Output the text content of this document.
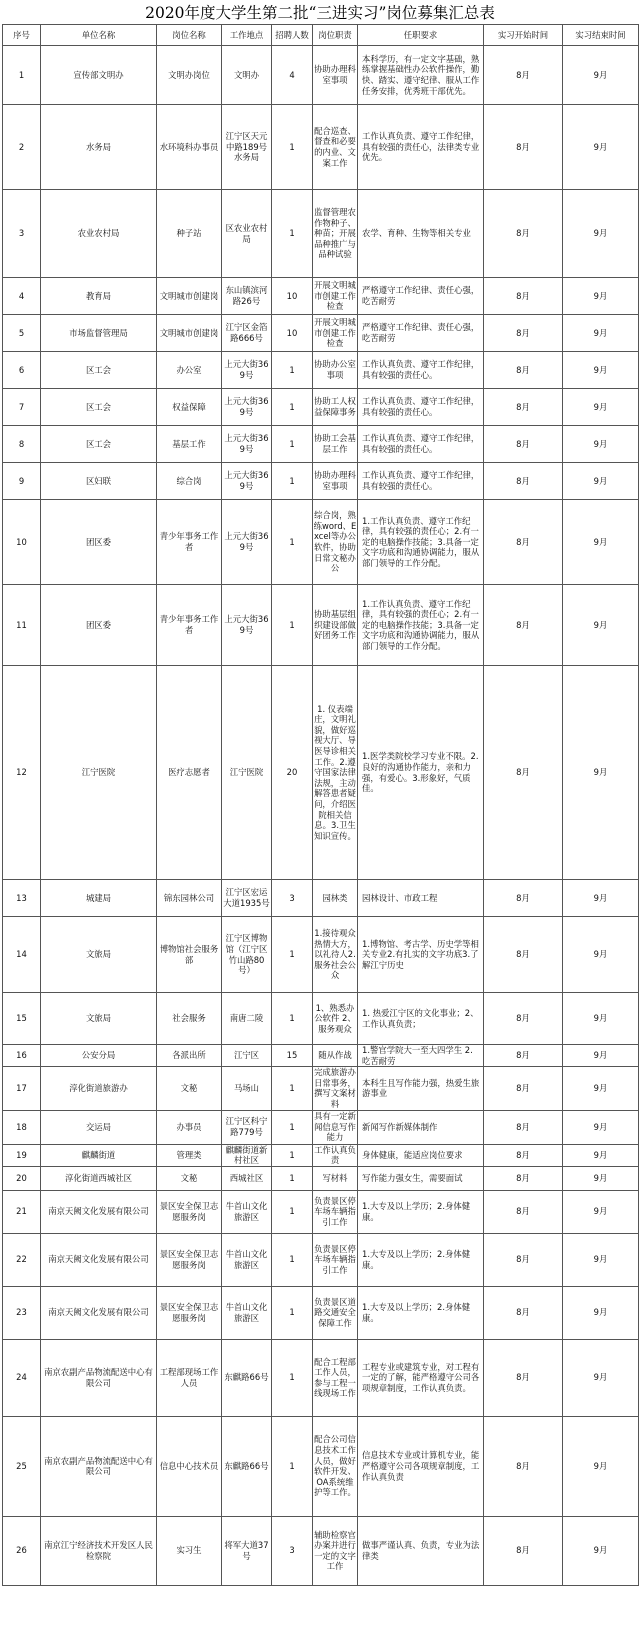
2020年度大学生第二批“三进实习”岗位募集汇总表
序号	单位名称	岗位名称	工作地点	招聘人数	岗位职责	任职要求	实习开始时间	实习结束时间
1	宣传部文明办	文明办岗位	文明办	4	协助办理科室事项	本科学历，有一定文字基础，熟练掌握基础性办公软件操作，勤快、踏实、遵守纪律、服从工作任务安排，优秀班干部优先。	8月	9月
2	水务局	水环境科办事员	江宁区天元中路189号水务局	1	配合巡查、督查和必要的内业、文案工作	工作认真负责、遵守工作纪律，具有较强的责任心，法律类专业优先。	8月	9月
3	农业农村局	种子站	区农业农村局	1	监督管理农作物种子、种苗；开展品种推广与品种试验	农学、育种、生物等相关专业	8月	9月
4	教育局	文明城市创建岗	东山镇滨河路26号	10	开展文明城市创建工作检查	严格遵守工作纪律、责任心强，吃苦耐劳	8月	9月
5	市场监督管理局	文明城市创建岗	江宁区金箔路666号	10	开展文明城市创建工作检查	严格遵守工作纪律、责任心强，吃苦耐劳	8月	9月
6	区工会	办公室	上元大街369号	1	协助办公室事项	工作认真负责、遵守工作纪律，具有较强的责任心。	8月	9月
7	区工会	权益保障	上元大街369号	1	协助工人权益保障事务	工作认真负责、遵守工作纪律，具有较强的责任心。	8月	9月
8	区工会	基层工作	上元大街369号	1	协助工会基层工作	工作认真负责、遵守工作纪律，具有较强的责任心。	8月	9月
9	区妇联	综合岗	上元大街369号	1	协助办理科室事项	工作认真负责、遵守工作纪律，具有较强的责任心。	8月	9月
10	团区委	青少年事务工作者	上元大街369号	1	综合岗，熟练word、Excel等办公软件，协助日常文秘办公	1.工作认真负责、遵守工作纪律，具有较强的责任心；2.有一定的电脑操作技能；3.具备一定文字功底和沟通协调能力，服从部门领导的工作分配。	8月	9月
11	团区委	青少年事务工作者	上元大街369号	1	协助基层组织建设部做好团务工作	1.工作认真负责、遵守工作纪律，具有较强的责任心；2.有一定的电脑操作技能；3.具备一定文字功底和沟通协调能力，服从部门领导的工作分配。	8月	9月
12	江宁医院	医疗志愿者	江宁医院	20	1. 仪表端庄，文明礼貌，做好巡视大厅、导医导诊相关工作。2.遵守国家法律法规，主动解答患者疑问，介绍医院相关信息。3.卫生知识宣传。	1.医学类院校学习专业不限。2.良好的沟通协作能力，亲和力强，有爱心。3.形象好，气质佳。	8月	9月
13	城建局	锦东园林公司	江宁区宏运大道1935号	3	园林类	园林设计、市政工程	8月	9月
14	文旅局	博物馆社会服务部	江宁区博物馆（江宁区竹山路80号）	1	1.接待观众热情大方，以礼待人2.服务社会公众	1.博物馆、考古学、历史学等相关专业2.有扎实的文字功底3.了解江宁历史	8月	9月
15	文旅局	社会服务	南唐二陵	1	1、熟悉办公软件 2、服务观众	1. 热爱江宁区的文化事业；2、工作认真负责；	8月	9月
16	公安分局	各派出所	江宁区	15	随从作战	1.警官学院大一至大四学生 2.吃苦耐劳	8月	9月
17	淳化街道旅游办	文秘	马场山	1	完成旅游办日常事务，撰写文案材料	本科生且写作能力强，热爱生旅游事业	8月	9月
18	交运局	办事员	江宁区科宁路779号	1	具有一定新闻信息写作能力	新闻写作新媒体制作	8月	9月
19	麒麟街道	管理类	麒麟街道新村社区	1	工作认真负责	身体健康，能适应岗位要求	8月	9月
20	淳化街道西城社区	文秘	西城社区	1	写材料	写作能力强女生，需要面试	8月	9月
21	南京天阙文化发展有限公司	景区安全保卫志愿服务岗	牛首山文化旅游区	1	负责景区停车场车辆指引工作	1.大专及以上学历；2.身体健康。	8月	9月
22	南京天阙文化发展有限公司	景区安全保卫志愿服务岗	牛首山文化旅游区	1	负责景区停车场车辆指引工作	1.大专及以上学历；2.身体健康。	8月	9月
23	南京天阙文化发展有限公司	景区安全保卫志愿服务岗	牛首山文化旅游区	1	负责景区道路交通安全保障工作	1.大专及以上学历；2.身体健康。	8月	9月
24	南京农副产品物流配送中心有限公司	工程部现场工作人员	东麒路66号	1	配合工程部工作人员，参与工程一线现场工作	工程专业或建筑专业，对工程有一定的了解，能严格遵守公司各项规章制度，工作认真负责。	8月	9月
25	南京农副产品物流配送中心有限公司	信息中心技术员	东麒路66号	1	配合公司信息技术工作人员，做好软件开发、OA系统维护等工作。	信息技术专业或计算机专业，能严格遵守公司各项规章制度，工作认真负责	8月	9月
26	南京江宁经济技术开发区人民检察院	实习生	将军大道37号	3	辅助检察官办案并进行一定的文字工作	做事严谨认真、负责，专业为法律类	8月	9月
